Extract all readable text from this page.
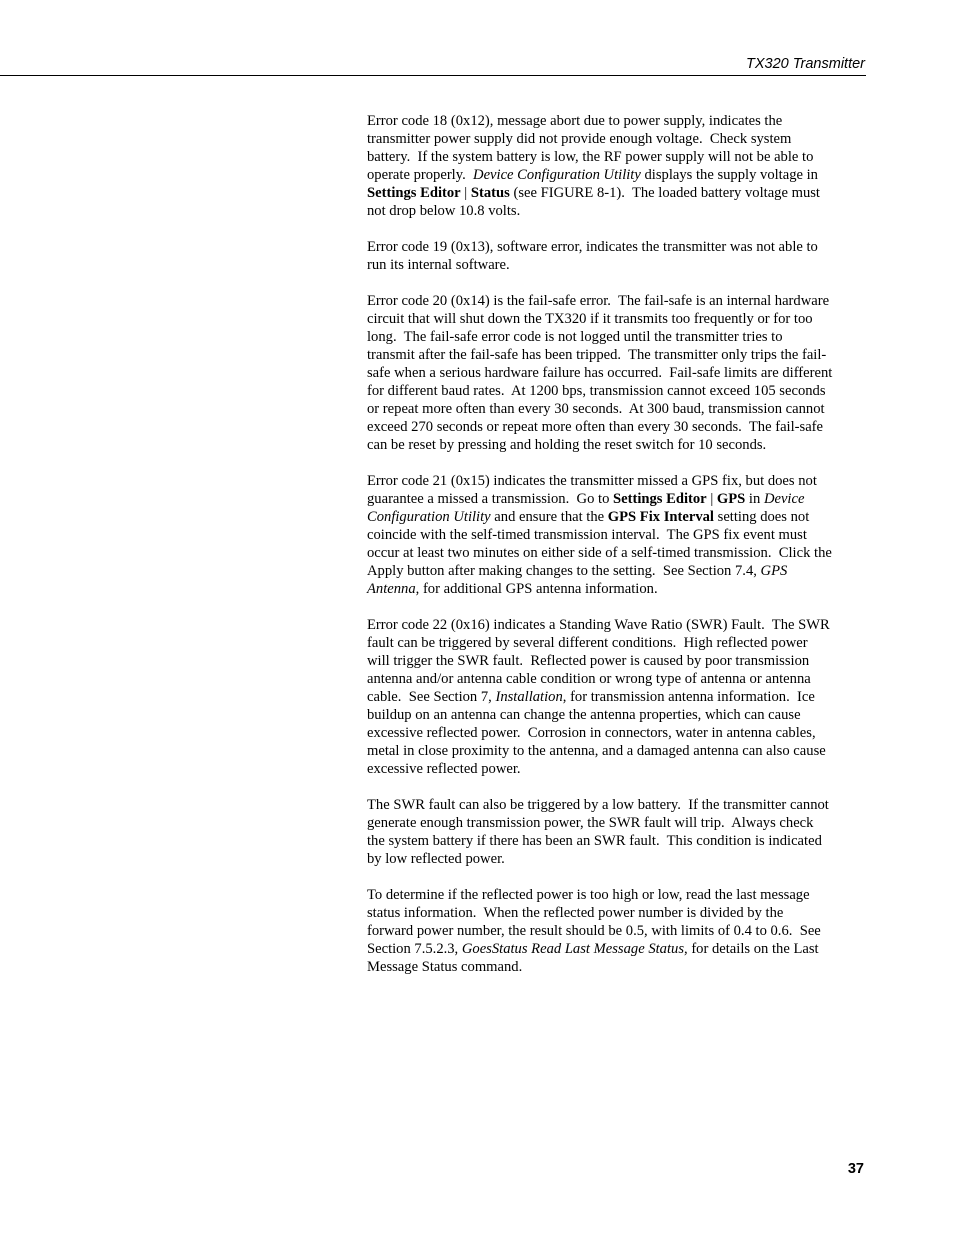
TX320 Transmitter

Error code 18 (0x12), message abort due to power supply, indicates the
transmitter power supply did not provide enough voltage.  Check system
battery.  If the system battery is low, the RF power supply will not be able to
operate properly.  Device Configuration Utility displays the supply voltage in
Settings Editor | Status (see FIGURE 8-1).  The loaded battery voltage must
not drop below 10.8 volts.

Error code 19 (0x13), software error, indicates the transmitter was not able to
run its internal software.

Error code 20 (0x14) is the fail-safe error.  The fail-safe is an internal hardware
circuit that will shut down the TX320 if it transmits too frequently or for too
long.  The fail-safe error code is not logged until the transmitter tries to
transmit after the fail-safe has been tripped.  The transmitter only trips the fail-
safe when a serious hardware failure has occurred.  Fail-safe limits are different
for different baud rates.  At 1200 bps, transmission cannot exceed 105 seconds
or repeat more often than every 30 seconds.  At 300 baud, transmission cannot
exceed 270 seconds or repeat more often than every 30 seconds.  The fail-safe
can be reset by pressing and holding the reset switch for 10 seconds.

Error code 21 (0x15) indicates the transmitter missed a GPS fix, but does not
guarantee a missed a transmission.  Go to Settings Editor | GPS in Device
Configuration Utility and ensure that the GPS Fix Interval setting does not
coincide with the self-timed transmission interval.  The GPS fix event must
occur at least two minutes on either side of a self-timed transmission.  Click the
Apply button after making changes to the setting.  See Section 7.4, GPS
Antenna, for additional GPS antenna information.

Error code 22 (0x16) indicates a Standing Wave Ratio (SWR) Fault.  The SWR
fault can be triggered by several different conditions.  High reflected power
will trigger the SWR fault.  Reflected power is caused by poor transmission
antenna and/or antenna cable condition or wrong type of antenna or antenna
cable.  See Section 7, Installation, for transmission antenna information.  Ice
buildup on an antenna can change the antenna properties, which can cause
excessive reflected power.  Corrosion in connectors, water in antenna cables,
metal in close proximity to the antenna, and a damaged antenna can also cause
excessive reflected power.

The SWR fault can also be triggered by a low battery.  If the transmitter cannot
generate enough transmission power, the SWR fault will trip.  Always check
the system battery if there has been an SWR fault.  This condition is indicated
by low reflected power.

To determine if the reflected power is too high or low, read the last message
status information.  When the reflected power number is divided by the
forward power number, the result should be 0.5, with limits of 0.4 to 0.6.  See
Section 7.5.2.3, GoesStatus Read Last Message Status, for details on the Last
Message Status command.

37
